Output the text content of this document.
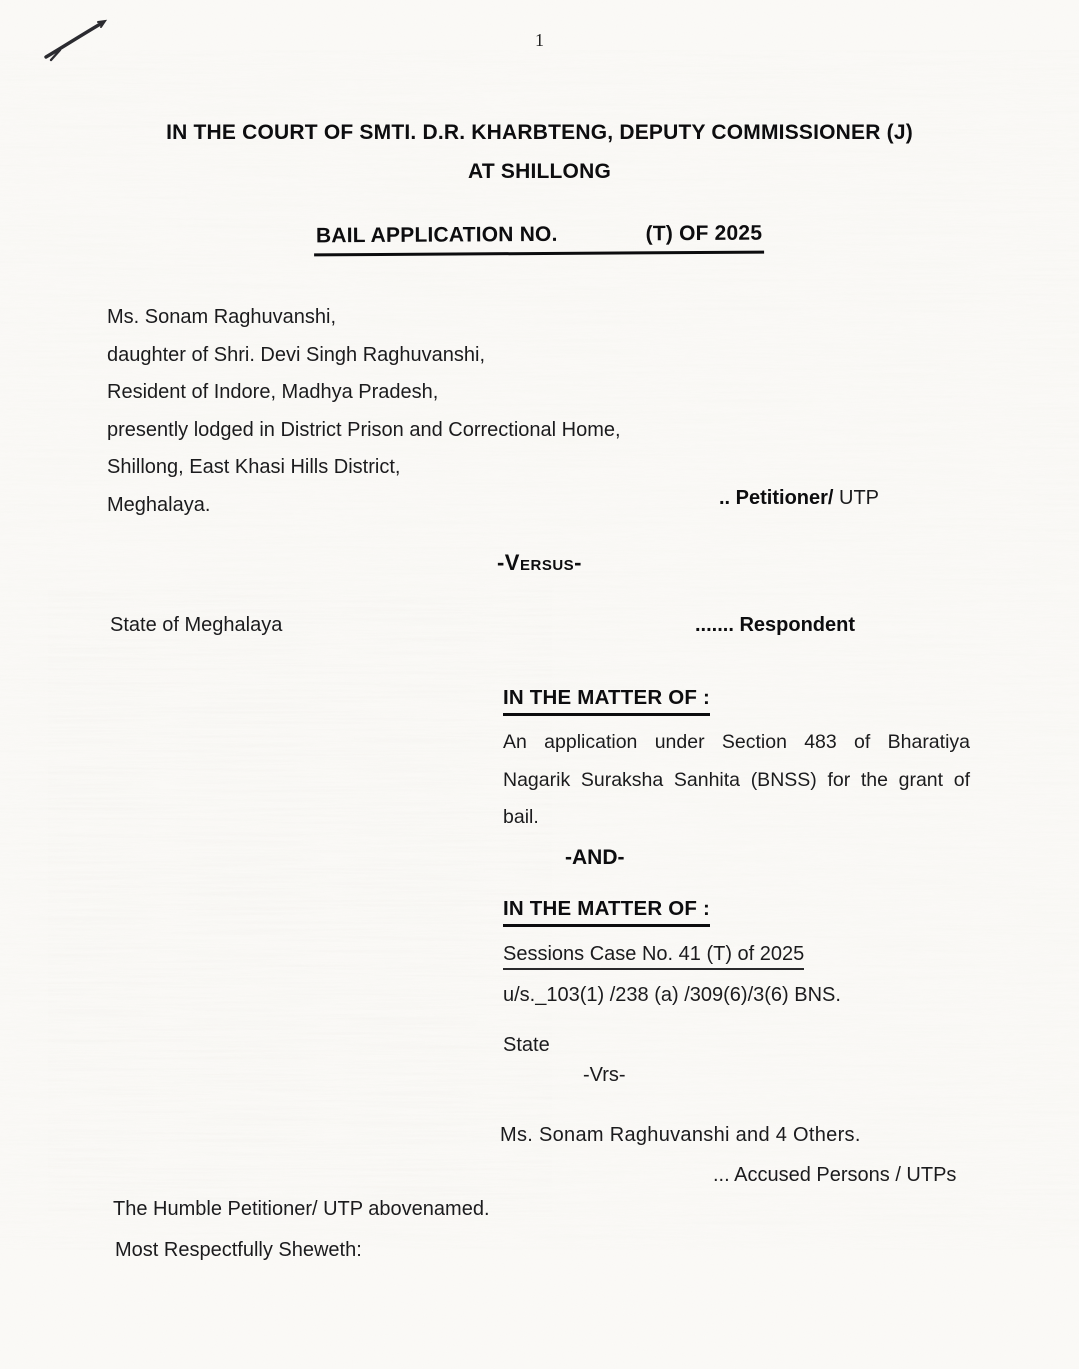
1
IN THE COURT OF SMTI. D.R. KHARBTENG, DEPUTY COMMISSIONER (J)
AT SHILLONG
BAIL APPLICATION NO.	(T) OF 2025
Ms. Sonam Raghuvanshi,
daughter of Shri. Devi Singh Raghuvanshi,
Resident of Indore, Madhya Pradesh,
presently lodged in District Prison and Correctional Home,
Shillong, East Khasi Hills District,
Meghalaya.	.. Petitioner/ UTP
-Versus-
State of Meghalaya	....... Respondent
IN THE MATTER OF :
An application under Section 483 of Bharatiya Nagarik Suraksha Sanhita (BNSS) for the grant of bail.
-AND-
IN THE MATTER OF :
Sessions Case No. 41 (T) of 2025
u/s._103(1) /238 (a) /309(6)/3(6) BNS.
State
-Vrs-
Ms. Sonam Raghuvanshi and 4 Others.
... Accused Persons / UTPs
The Humble Petitioner/ UTP abovenamed.
Most Respectfully Sheweth:
